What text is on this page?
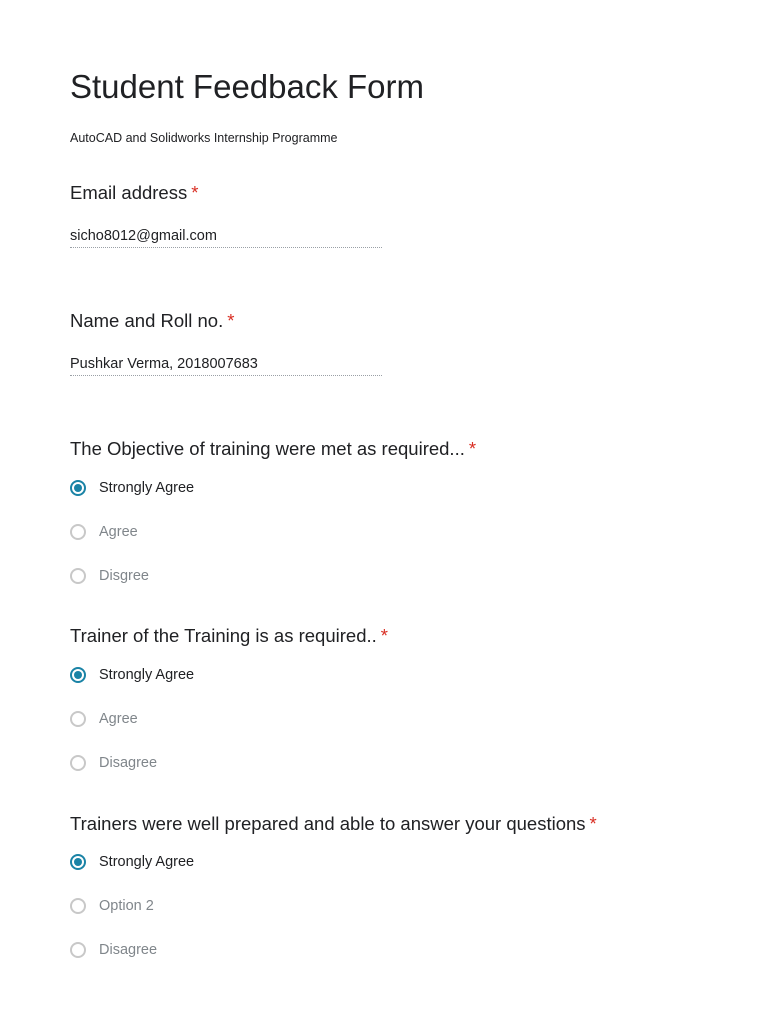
Student Feedback Form
AutoCAD and Solidworks Internship Programme
Email address *
sicho8012@gmail.com
Name and Roll no. *
Pushkar Verma, 2018007683
The Objective of training were met as required... *
Strongly Agree
Agree
Disgree
Trainer of the Training is as required.. *
Strongly Agree
Agree
Disagree
Trainers were well prepared and able to answer your questions *
Strongly Agree
Option 2
Disagree
